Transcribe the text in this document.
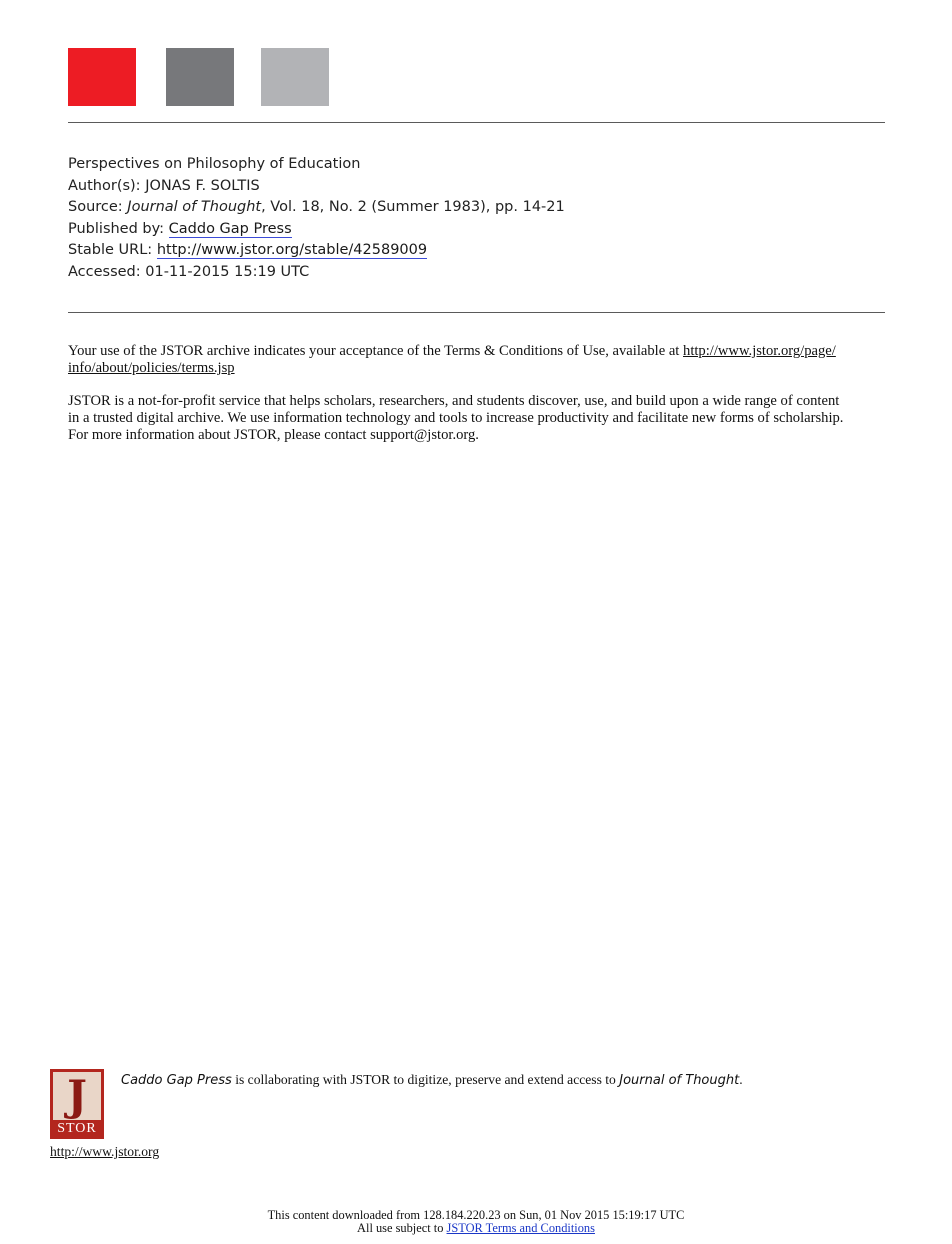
Perspectives on Philosophy of Education
Author(s): JONAS F. SOLTIS
Source: Journal of Thought, Vol. 18, No. 2 (Summer 1983), pp. 14-21
Published by: Caddo Gap Press
Stable URL: http://www.jstor.org/stable/42589009
Accessed: 01-11-2015 15:19 UTC
Your use of the JSTOR archive indicates your acceptance of the Terms & Conditions of Use, available at http://www.jstor.org/page/
info/about/policies/terms.jsp
JSTOR is a not-for-profit service that helps scholars, researchers, and students discover, use, and build upon a wide range of content
in a trusted digital archive. We use information technology and tools to increase productivity and facilitate new forms of scholarship.
For more information about JSTOR, please contact support@jstor.org.
J
STOR
Caddo Gap Press is collaborating with JSTOR to digitize, preserve and extend access to Journal of Thought.
http://www.jstor.org
This content downloaded from 128.184.220.23 on Sun, 01 Nov 2015 15:19:17 UTC
All use subject to JSTOR Terms and Conditions
